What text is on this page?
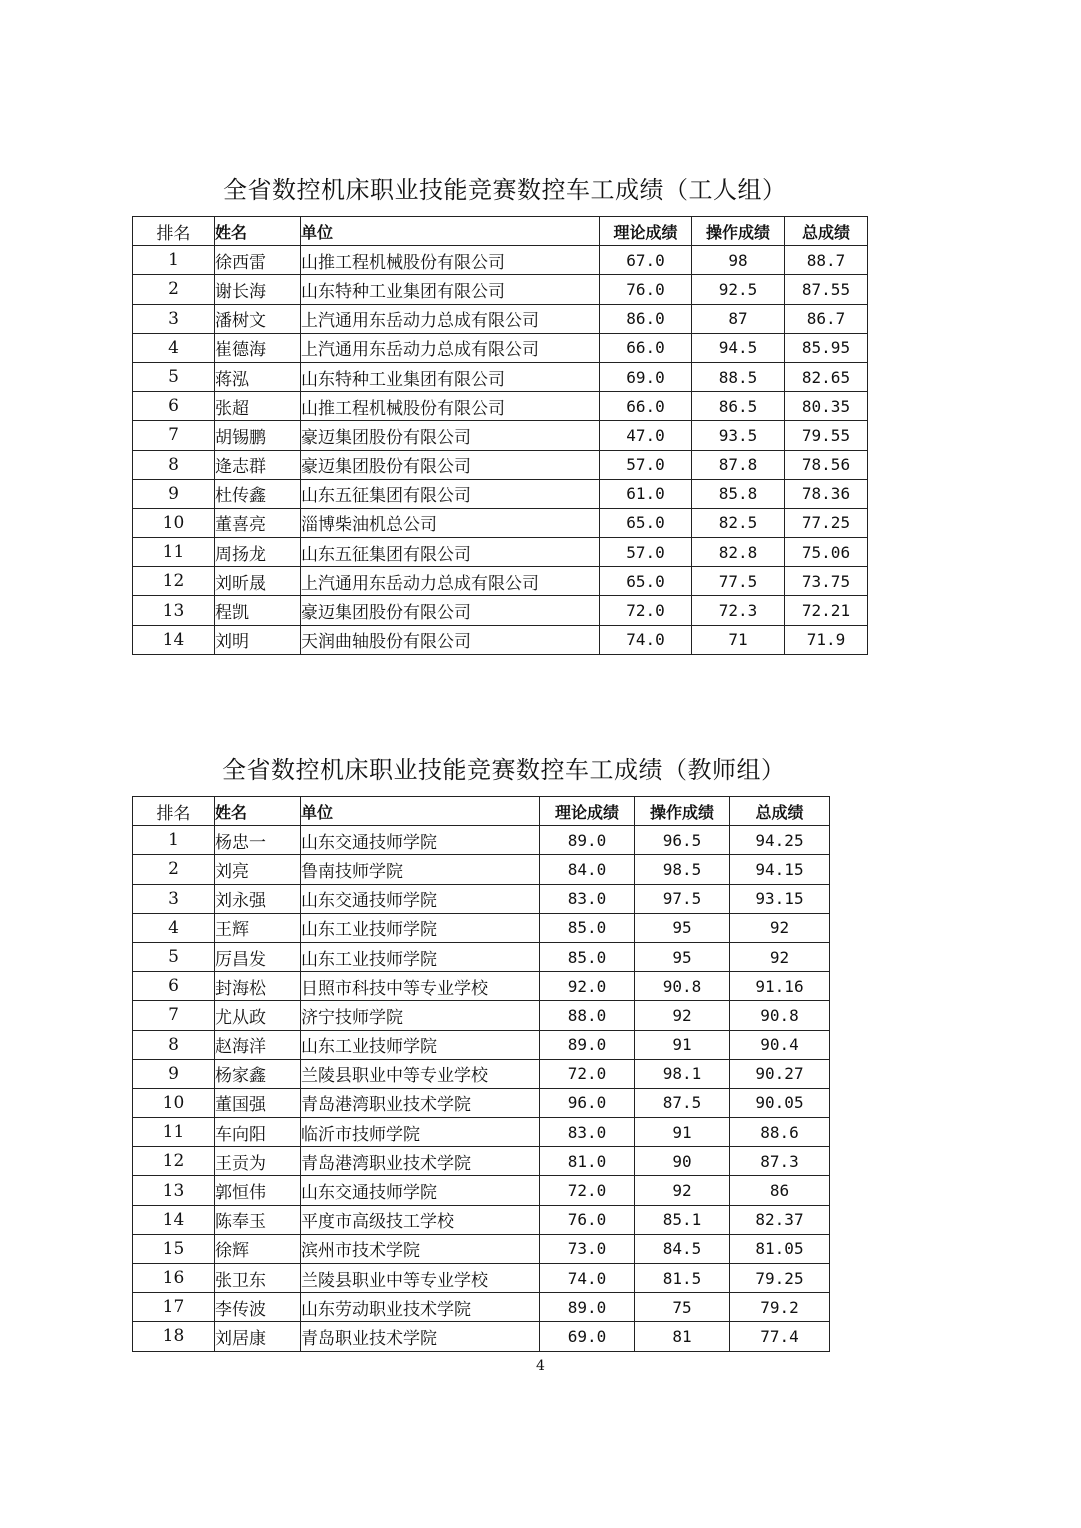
全省数控机床职业技能竞赛数控车工成绩（工人组）
排名	姓名	单位	理论成绩	操作成绩	总成绩
1	徐西雷	山推工程机械股份有限公司	67.0	98	88.7
2	谢长海	山东特种工业集团有限公司	76.0	92.5	87.55
3	潘树文	上汽通用东岳动力总成有限公司	86.0	87	86.7
4	崔德海	上汽通用东岳动力总成有限公司	66.0	94.5	85.95
5	蒋泓	山东特种工业集团有限公司	69.0	88.5	82.65
6	张超	山推工程机械股份有限公司	66.0	86.5	80.35
7	胡锡鹏	豪迈集团股份有限公司	47.0	93.5	79.55
8	逄志群	豪迈集团股份有限公司	57.0	87.8	78.56
9	杜传鑫	山东五征集团有限公司	61.0	85.8	78.36
10	董喜亮	淄博柴油机总公司	65.0	82.5	77.25
11	周扬龙	山东五征集团有限公司	57.0	82.8	75.06
12	刘昕晟	上汽通用东岳动力总成有限公司	65.0	77.5	73.75
13	程凯	豪迈集团股份有限公司	72.0	72.3	72.21
14	刘明	天润曲轴股份有限公司	74.0	71	71.9
全省数控机床职业技能竞赛数控车工成绩（教师组）
排名	姓名	单位	理论成绩	操作成绩	总成绩
1	杨忠一	山东交通技师学院	89.0	96.5	94.25
2	刘亮	鲁南技师学院	84.0	98.5	94.15
3	刘永强	山东交通技师学院	83.0	97.5	93.15
4	王辉	山东工业技师学院	85.0	95	92
5	厉昌发	山东工业技师学院	85.0	95	92
6	封海松	日照市科技中等专业学校	92.0	90.8	91.16
7	尤从政	济宁技师学院	88.0	92	90.8
8	赵海洋	山东工业技师学院	89.0	91	90.4
9	杨家鑫	兰陵县职业中等专业学校	72.0	98.1	90.27
10	董国强	青岛港湾职业技术学院	96.0	87.5	90.05
11	车向阳	临沂市技师学院	83.0	91	88.6
12	王贡为	青岛港湾职业技术学院	81.0	90	87.3
13	郭恒伟	山东交通技师学院	72.0	92	86
14	陈奉玉	平度市高级技工学校	76.0	85.1	82.37
15	徐辉	滨州市技术学院	73.0	84.5	81.05
16	张卫东	兰陵县职业中等专业学校	74.0	81.5	79.25
17	李传波	山东劳动职业技术学院	89.0	75	79.2
18	刘居康	青岛职业技术学院	69.0	81	77.4
4
